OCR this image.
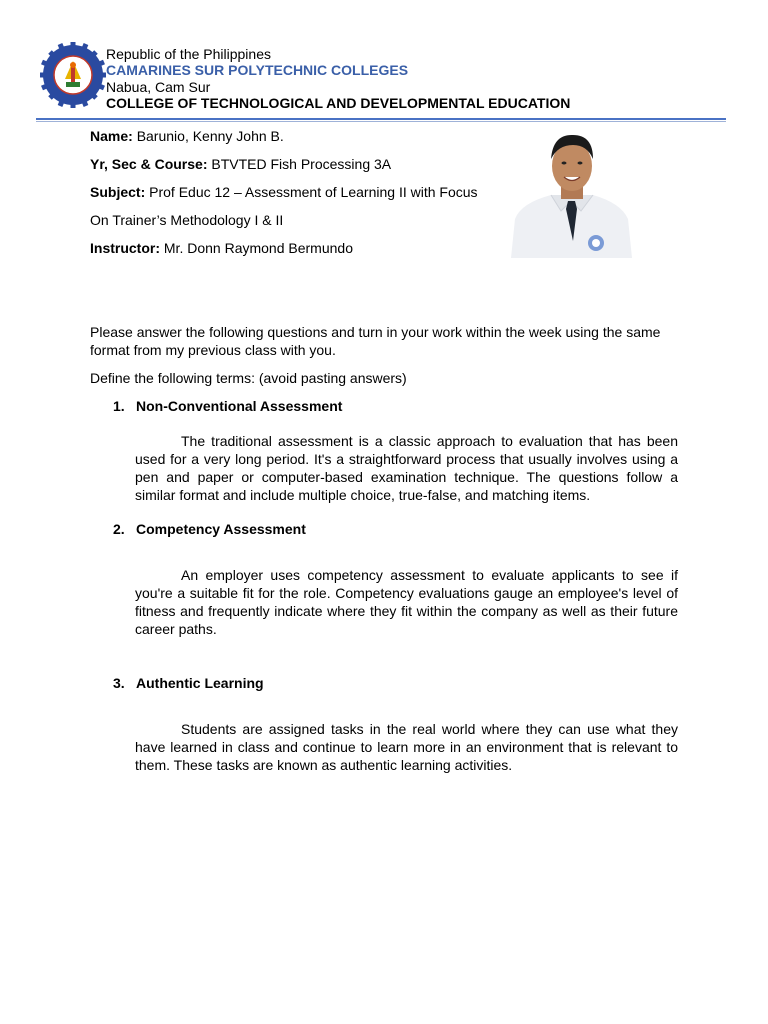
Republic of the Philippines
CAMARINES SUR POLYTECHNIC COLLEGES
Nabua, Cam Sur
COLLEGE OF TECHNOLOGICAL AND DEVELOPMENTAL EDUCATION
Name: Barunio, Kenny John B.
Yr, Sec & Course: BTVTED Fish Processing 3A
Subject: Prof Educ 12 – Assessment of Learning II with Focus
On Trainer’s Methodology I & II
Instructor: Mr. Donn Raymond Bermundo
Please answer the following questions and turn in your work within the week using the same format from my previous class with you.
Define the following terms: (avoid pasting answers)
1. Non-Conventional Assessment
The traditional assessment is a classic approach to evaluation that has been used for a very long period. It's a straightforward process that usually involves using a pen and paper or computer-based examination technique. The questions follow a similar format and include multiple choice, true-false, and matching items.
2. Competency Assessment
An employer uses competency assessment to evaluate applicants to see if you're a suitable fit for the role. Competency evaluations gauge an employee's level of fitness and frequently indicate where they fit within the company as well as their future career paths.
3. Authentic Learning
Students are assigned tasks in the real world where they can use what they have learned in class and continue to learn more in an environment that is relevant to them. These tasks are known as authentic learning activities.
